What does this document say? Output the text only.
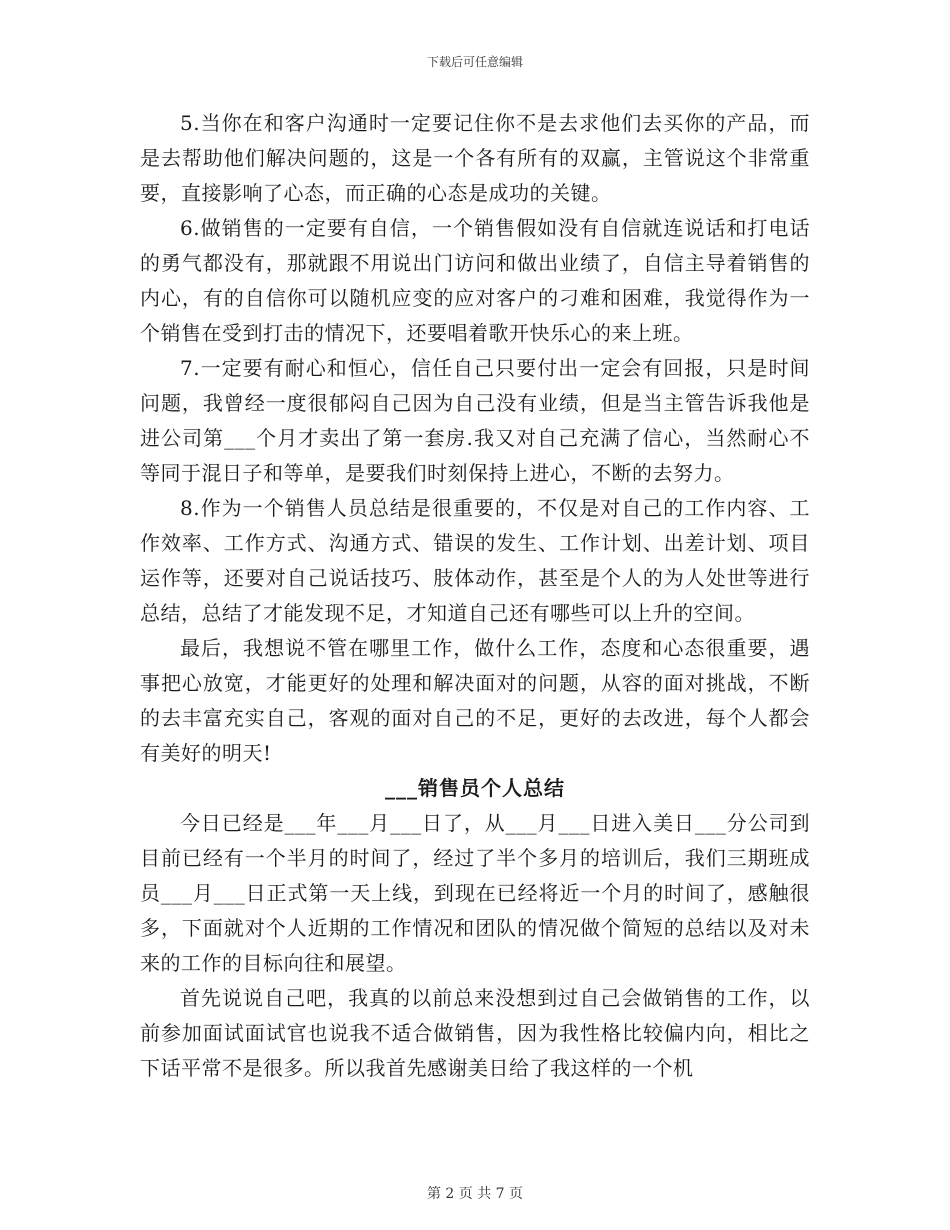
下载后可任意编辑

5.当你在和客户沟通时一定要记住你不是去求他们去买你的产品，而是去帮助他们解决问题的，这是一个各有所有的双赢，主管说这个非常重要，直接影响了心态，而正确的心态是成功的关键。

6.做销售的一定要有自信，一个销售假如没有自信就连说话和打电话的勇气都没有，那就跟不用说出门访问和做出业绩了，自信主导着销售的内心，有的自信你可以随机应变的应对客户的刁难和困难，我觉得作为一个销售在受到打击的情况下，还要唱着歌开快乐心的来上班。

7.一定要有耐心和恒心，信任自己只要付出一定会有回报，只是时间问题，我曾经一度很郁闷自己因为自己没有业绩，但是当主管告诉我他是进公司第___个月才卖出了第一套房.我又对自己充满了信心，当然耐心不等同于混日子和等单，是要我们时刻保持上进心，不断的去努力。

8.作为一个销售人员总结是很重要的，不仅是对自己的工作内容、工作效率、工作方式、沟通方式、错误的发生、工作计划、出差计划、项目运作等，还要对自己说话技巧、肢体动作，甚至是个人的为人处世等进行总结，总结了才能发现不足，才知道自己还有哪些可以上升的空间。

最后，我想说不管在哪里工作，做什么工作，态度和心态很重要，遇事把心放宽，才能更好的处理和解决面对的问题，从容的面对挑战，不断的去丰富充实自己，客观的面对自己的不足，更好的去改进，每个人都会有美好的明天!

___销售员个人总结

今日已经是___年___月___日了，从___月___日进入美日___分公司到目前已经有一个半月的时间了，经过了半个多月的培训后，我们三期班成员___月___日正式第一天上线，到现在已经将近一个月的时间了，感触很多，下面就对个人近期的工作情况和团队的情况做个简短的总结以及对未来的工作的目标向往和展望。

首先说说自己吧，我真的以前总来没想到过自己会做销售的工作，以前参加面试面试官也说我不适合做销售，因为我性格比较偏内向，相比之下话平常不是很多。所以我首先感谢美日给了我这样的一个机

第 2 页 共 7 页
